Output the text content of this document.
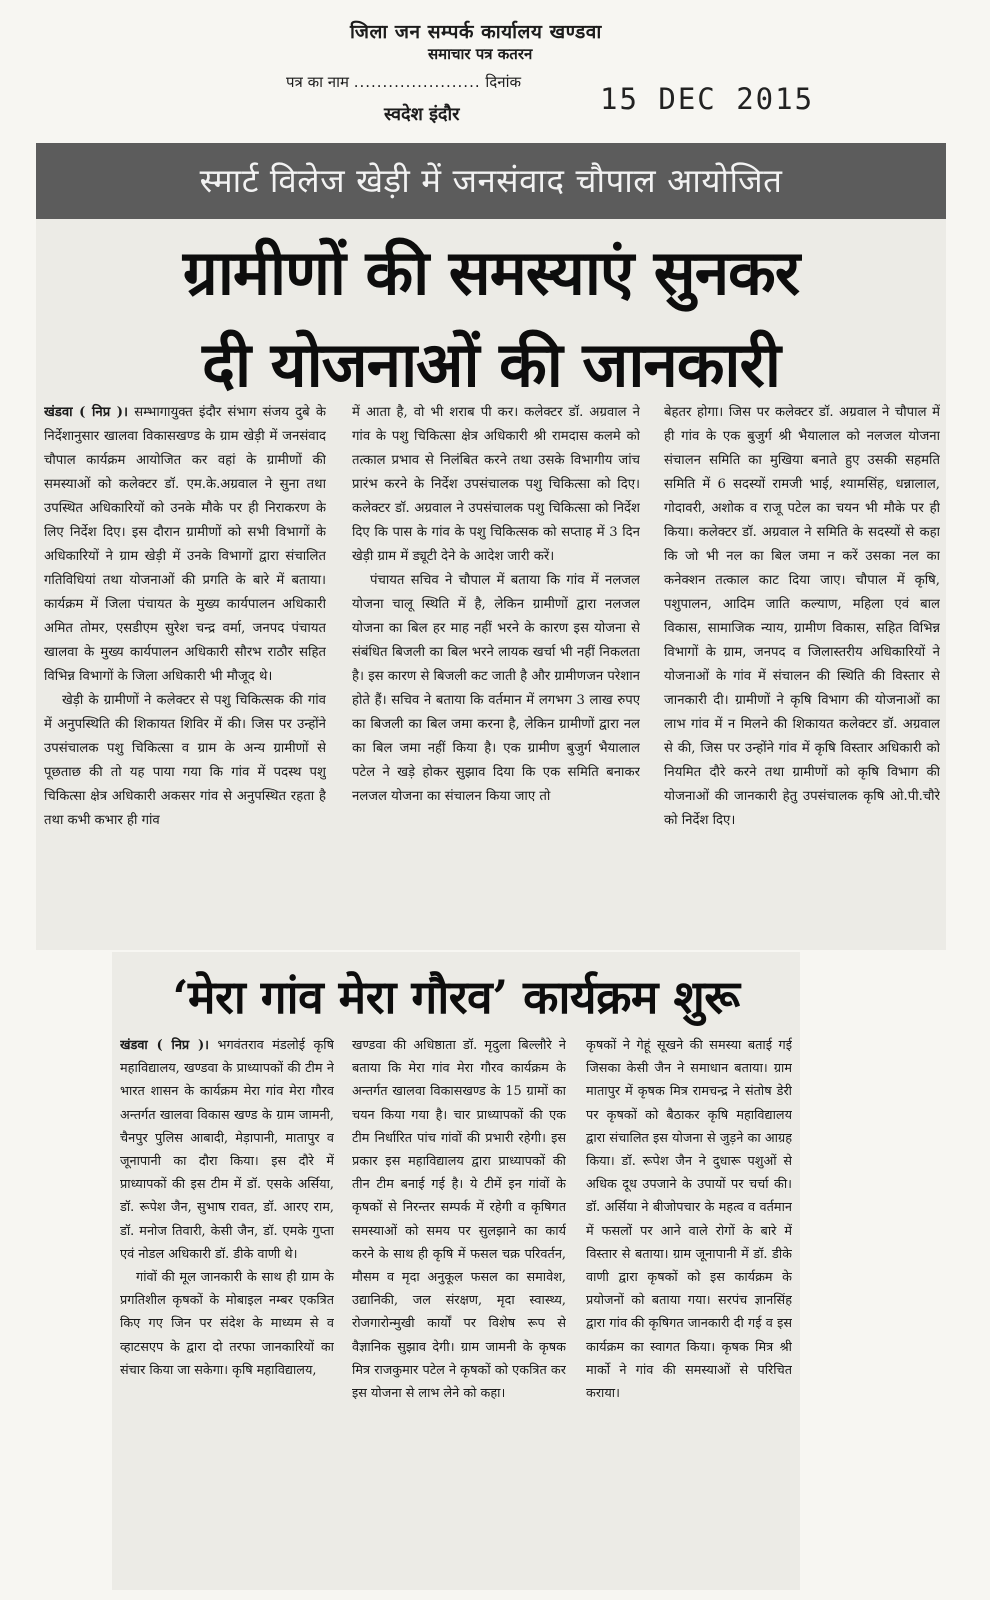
जिला जन सम्पर्क कार्यालय खण्डवा
समाचार पत्र कतरन
पत्र का नाम ...................... दिनांक	15 DEC 2015
स्वदेश इंदौर
स्मार्ट विलेज खेड़ी में जनसंवाद चौपाल आयोजित
ग्रामीणों की समस्याएं सुनकर
दी योजनाओं की जानकारी

खंडवा ( निप्र )। सम्भागायुक्त इंदौर संभाग संजय दुबे के निर्देशानुसार खालवा विकासखण्ड के ग्राम खेड़ी में जनसंवाद चौपाल कार्यक्रम आयोजित कर वहां के ग्रामीणों की समस्याओं को कलेक्टर डॉ. एम.के.अग्रवाल ने सुना तथा उपस्थित अधिकारियों को उनके मौके पर ही निराकरण के लिए निर्देश दिए। इस दौरान ग्रामीणों को सभी विभागों के अधिकारियों ने ग्राम खेड़ी में उनके विभागों द्वारा संचालित गतिविधियां तथा योजनाओं की प्रगति के बारे में बताया। कार्यक्रम में जिला पंचायत के मुख्य कार्यपालन अधिकारी अमित तोमर, एसडीएम सुरेश चन्द्र वर्मा, जनपद पंचायत खालवा के मुख्य कार्यपालन अधिकारी सौरभ राठौर सहित विभिन्न विभागों के जिला अधिकारी भी मौजूद थे।

खेड़ी के ग्रामीणों ने कलेक्टर से पशु चिकित्सक की गांव में अनुपस्थिति की शिकायत शिविर में की। जिस पर उन्होंने उपसंचालक पशु चिकित्सा व ग्राम के अन्य ग्रामीणों से पूछताछ की तो यह पाया गया कि गांव में पदस्थ पशु चिकित्सा क्षेत्र अधिकारी अकसर गांव से अनुपस्थित रहता है तथा कभी कभार ही गांव

में आता है, वो भी शराब पी कर। कलेक्टर डॉ. अग्रवाल ने गांव के पशु चिकित्सा क्षेत्र अधिकारी श्री रामदास कलमे को तत्काल प्रभाव से निलंबित करने तथा उसके विभागीय जांच प्रारंभ करने के निर्देश उपसंचालक पशु चिकित्सा को दिए। कलेक्टर डॉ. अग्रवाल ने उपसंचालक पशु चिकित्सा को निर्देश दिए कि पास के गांव के पशु चिकित्सक को सप्ताह में 3 दिन खेड़ी ग्राम में ड्यूटी देने के आदेश जारी करें।

पंचायत सचिव ने चौपाल में बताया कि गांव में नलजल योजना चालू स्थिति में है, लेकिन ग्रामीणों द्वारा नलजल योजना का बिल हर माह नहीं भरने के कारण इस योजना से संबंधित बिजली का बिल भरने लायक खर्चा भी नहीं निकलता है। इस कारण से बिजली कट जाती है और ग्रामीणजन परेशान होते हैं। सचिव ने बताया कि वर्तमान में लगभग 3 लाख रुपए का बिजली का बिल जमा करना है, लेकिन ग्रामीणों द्वारा नल का बिल जमा नहीं किया है। एक ग्रामीण बुजुर्ग भैयालाल पटेल ने खड़े होकर सुझाव दिया कि एक समिति बनाकर नलजल योजना का संचालन किया जाए तो

बेहतर होगा। जिस पर कलेक्टर डॉ. अग्रवाल ने चौपाल में ही गांव के एक बुजुर्ग श्री भैयालाल को नलजल योजना संचालन समिति का मुखिया बनाते हुए उसकी सहमति समिति में 6 सदस्यों रामजी भाई, श्यामसिंह, धन्नालाल, गोदावरी, अशोक व राजू पटेल का चयन भी मौके पर ही किया। कलेक्टर डॉ. अग्रवाल ने समिति के सदस्यों से कहा कि जो भी नल का बिल जमा न करें उसका नल का कनेक्शन तत्काल काट दिया जाए। चौपाल में कृषि, पशुपालन, आदिम जाति कल्याण, महिला एवं बाल विकास, सामाजिक न्याय, ग्रामीण विकास, सहित विभिन्न विभागों के ग्राम, जनपद व जिलास्तरीय अधिकारियों ने योजनाओं के गांव में संचालन की स्थिति की विस्तार से जानकारी दी। ग्रामीणों ने कृषि विभाग की योजनाओं का लाभ गांव में न मिलने की शिकायत कलेक्टर डॉ. अग्रवाल से की, जिस पर उन्होंने गांव में कृषि विस्तार अधिकारी को नियमित दौरे करने तथा ग्रामीणों को कृषि विभाग की योजनाओं की जानकारी हेतु उपसंचालक कृषि ओ.पी.चौरे को निर्देश दिए।

‘मेरा गांव मेरा गौरव’ कार्यक्रम शुरू

खंडवा ( निप्र )। भगवंतराव मंडलोई कृषि महाविद्यालय, खण्डवा के प्राध्यापकों की टीम ने भारत शासन के कार्यक्रम मेरा गांव मेरा गौरव अन्तर्गत खालवा विकास खण्ड के ग्राम जामनी, चैनपुर पुलिस आबादी, मेड़ापानी, मातापुर व जूनापानी का दौरा किया। इस दौरे में प्राध्यापकों की इस टीम में डॉ. एसके अर्सिया, डॉ. रूपेश जैन, सुभाष रावत, डॉ. आरए राम, डॉ. मनोज तिवारी, केसी जैन, डॉ. एमके गुप्ता एवं नोडल अधिकारी डॉ. डीके वाणी थे।

गांवों की मूल जानकारी के साथ ही ग्राम के प्रगतिशील कृषकों के मोबाइल नम्बर एकत्रित किए गए जिन पर संदेश के माध्यम से व व्हाटसएप के द्वारा दो तरफा जानकारियों का संचार किया जा सकेगा। कृषि महाविद्यालय,

खण्डवा की अधिष्ठाता डॉ. मृदुला बिल्लौरे ने बताया कि मेरा गांव मेरा गौरव कार्यक्रम के अन्तर्गत खालवा विकासखण्ड के 15 ग्रामों का चयन किया गया है। चार प्राध्यापकों की एक टीम निर्धारित पांच गांवों की प्रभारी रहेगी। इस प्रकार इस महाविद्यालय द्वारा प्राध्यापकों की तीन टीम बनाई गई है। ये टीमें इन गांवों के कृषकों से निरन्तर सम्पर्क में रहेगी व कृषिगत समस्याओं को समय पर सुलझाने का कार्य करने के साथ ही कृषि में फसल चक्र परिवर्तन, मौसम व मृदा अनुकूल फसल का समावेश, उद्यानिकी, जल संरक्षण, मृदा स्वास्थ्य, रोजगारोन्मुखी कार्यों पर विशेष रूप से वैज्ञानिक सुझाव देगी। ग्राम जामनी के कृषक मित्र राजकुमार पटेल ने कृषकों को एकत्रित कर इस योजना से लाभ लेने को कहा।

कृषकों ने गेहूं सूखने की समस्या बताई गई जिसका केसी जैन ने समाधान बताया। ग्राम मातापुर में कृषक मित्र रामचन्द्र ने संतोष डेरी पर कृषकों को बैठाकर कृषि महाविद्यालय द्वारा संचालित इस योजना से जुड़ने का आग्रह किया। डॉ. रूपेश जैन ने दुधारू पशुओं से अधिक दूध उपजाने के उपायों पर चर्चा की। डॉ. अर्सिया ने बीजोपचार के महत्व व वर्तमान में फसलों पर आने वाले रोगों के बारे में विस्तार से बताया। ग्राम जूनापानी में डॉ. डीके वाणी द्वारा कृषकों को इस कार्यक्रम के प्रयोजनों को बताया गया। सरपंच ज्ञानसिंह द्वारा गांव की कृषिगत जानकारी दी गई व इस कार्यक्रम का स्वागत किया। कृषक मित्र श्री मार्को ने गांव की समस्याओं से परिचित कराया।
